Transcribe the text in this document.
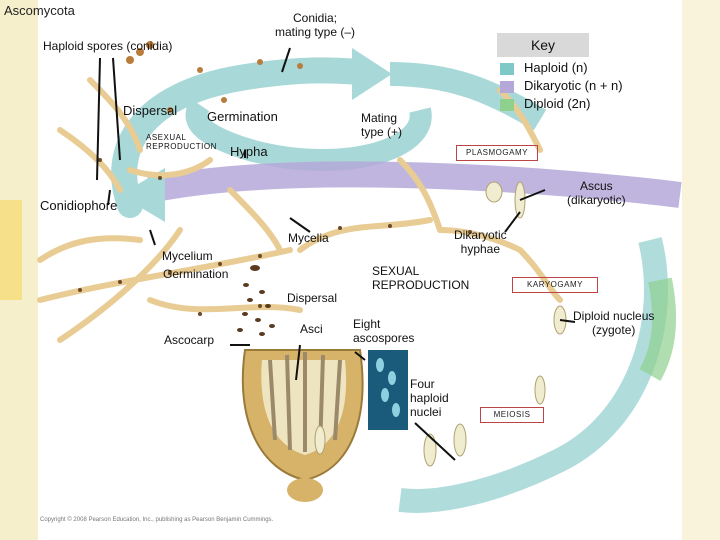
Ascomycota
Key
Haploid (n)
Dikaryotic (n + n)
Diploid (2n)
Haploid spores (conidia)
Conidia;
mating type (–)
Dispersal Germination
ASEXUAL
REPRODUCTION Hypha
Mating
type (+)
PLASMOGAMY
Conidiophore
Ascus
(dikaryotic)
Mycelia	Dikaryotic
hyphae
Mycelium
Germination	SEXUAL
REPRODUCTION	KARYOGAMY
Dispersal
Diploid nucleus
(zygote)
Asci	Eight
ascospores
Ascocarp
Four
haploid
nuclei	MEIOSIS
Copyright © 2008 Pearson Education, Inc., publishing as Pearson Benjamin Cummings.
